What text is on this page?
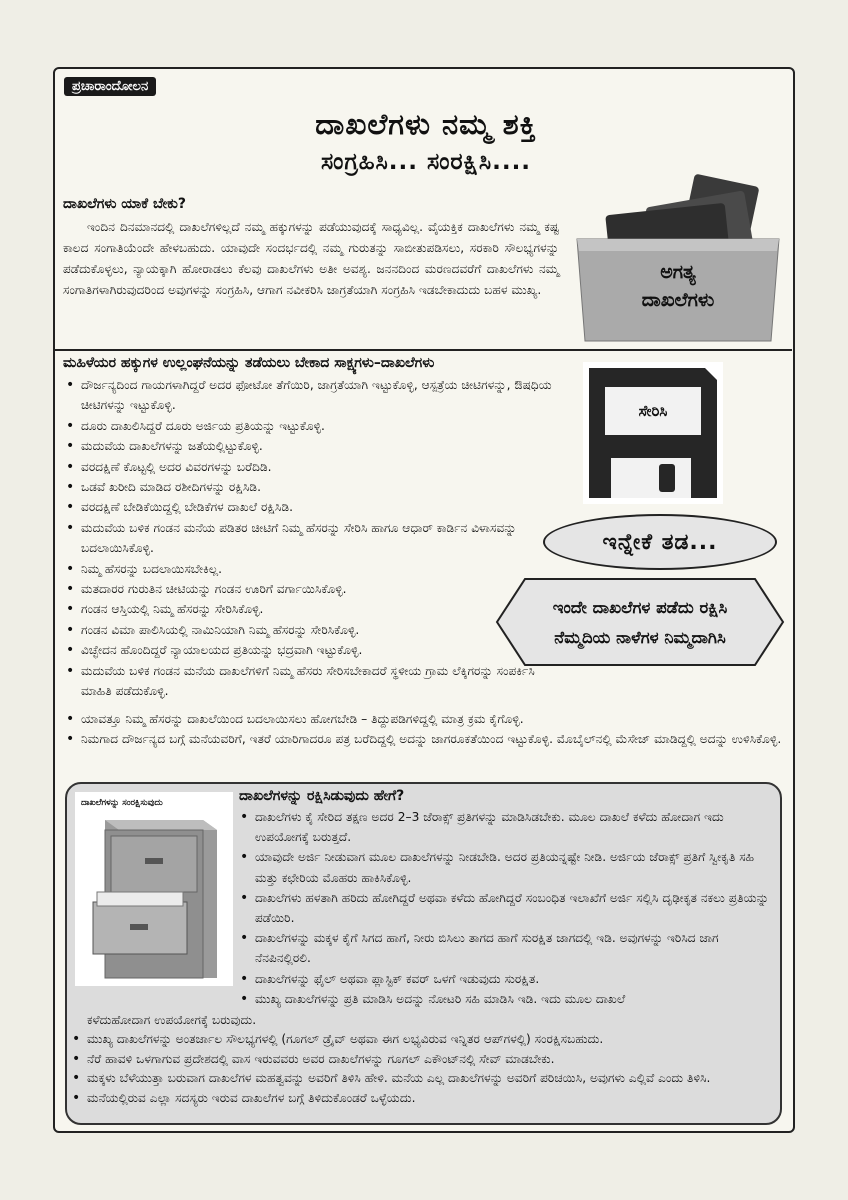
ಪ್ರಚಾರಾಂದೋಲನ
ದಾಖಲೆಗಳು ನಮ್ಮ ಶಕ್ತಿ
ಸಂಗ್ರಹಿಸಿ... ಸಂರಕ್ಷಿಸಿ....
ದಾಖಲೆಗಳು ಯಾಕೆ ಬೇಕು?
ಇಂದಿನ ದಿನಮಾನದಲ್ಲಿ ದಾಖಲೆಗಳಿಲ್ಲದೆ ನಮ್ಮ ಹಕ್ಕುಗಳನ್ನು ಪಡೆಯುವುದಕ್ಕೆ ಸಾಧ್ಯವಿಲ್ಲ. ವೈಯಕ್ತಿಕ ದಾಖಲೆಗಳು ನಮ್ಮ ಕಷ್ಟ ಕಾಲದ ಸಂಗಾತಿಯೆಂದೇ ಹೇಳಬಹುದು. ಯಾವುದೇ ಸಂದರ್ಭದಲ್ಲಿ ನಮ್ಮ ಗುರುತನ್ನು ಸಾಬೀತುಪಡಿಸಲು, ಸರಕಾರಿ ಸೌಲಭ್ಯಗಳನ್ನು ಪಡೆದುಕೊಳ್ಳಲು, ನ್ಯಾಯಕ್ಕಾಗಿ ಹೋರಾಡಲು ಕೆಲವು ದಾಖಲೆಗಳು ಅತೀ ಅವಶ್ಯ. ಜನನದಿಂದ ಮರಣದವರೆಗೆ ದಾಖಲೆಗಳು ನಮ್ಮ ಸಂಗಾತಿಗಳಾಗಿರುವುದರಿಂದ ಅವುಗಳನ್ನು ಸಂಗ್ರಹಿಸಿ, ಆಗಾಗ ನವೀಕರಿಸಿ ಜಾಗ್ರತೆಯಾಗಿ ಸಂಗ್ರಹಿಸಿ ಇಡಬೇಕಾದುದು ಬಹಳ ಮುಖ್ಯ.
ಅಗತ್ಯ
ದಾಖಲೆಗಳು
ಮಹಿಳೆಯರ ಹಕ್ಕುಗಳ ಉಲ್ಲಂಘನೆಯನ್ನು ತಡೆಯಲು ಬೇಕಾದ ಸಾಕ್ಷ್ಯಗಳು–ದಾಖಲೆಗಳು
ಸೇರಿಸಿ
ಇನ್ನೇಕೆ ತಡ...
ಇಂದೇ ದಾಖಲೆಗಳ ಪಡೆದು ರಕ್ಷಿಸಿ
ನೆಮ್ಮದಿಯ ನಾಳೆಗಳ ನಿಮ್ಮದಾಗಿಸಿ
• ದೌರ್ಜನ್ಯದಿಂದ ಗಾಯಗಳಾಗಿದ್ದರೆ ಅದರ ಫೋಟೋ ತೆಗೆಯಿರಿ, ಜಾಗ್ರತೆಯಾಗಿ ಇಟ್ಟುಕೊಳ್ಳಿ, ಆಸ್ಪತ್ರೆಯ ಚೀಟಿಗಳನ್ನು, ಔಷಧಿಯ ಚೀಟಿಗಳನ್ನು ಇಟ್ಟುಕೊಳ್ಳಿ.
• ದೂರು ದಾಖಲಿಸಿದ್ದರೆ ದೂರು ಅರ್ಜಿಯ ಪ್ರತಿಯನ್ನು ಇಟ್ಟುಕೊಳ್ಳಿ.
• ಮದುವೆಯ ದಾಖಲೆಗಳನ್ನು ಜತೆಯಲ್ಲಿಟ್ಟುಕೊಳ್ಳಿ.
• ವರದಕ್ಷಿಣೆ ಕೊಟ್ಟಲ್ಲಿ ಅದರ ವಿವರಗಳನ್ನು ಬರೆದಿಡಿ.
• ಒಡವೆ ಖರೀದಿ ಮಾಡಿದ ರಶೀದಿಗಳನ್ನು ರಕ್ಷಿಸಿಡಿ.
• ವರದಕ್ಷಿಣೆ ಬೇಡಿಕೆಯಿದ್ದಲ್ಲಿ ಬೇಡಿಕೆಗಳ ದಾಖಲೆ ರಕ್ಷಿಸಿಡಿ.
• ಮದುವೆಯ ಬಳಿಕ ಗಂಡನ ಮನೆಯ ಪಡಿತರ ಚೀಟಿಗೆ ನಿಮ್ಮ ಹೆಸರನ್ನು ಸೇರಿಸಿ ಹಾಗೂ ಆಧಾರ್ ಕಾರ್ಡಿನ ವಿಳಾಸವನ್ನು ಬದಲಾಯಿಸಿಕೊಳ್ಳಿ.
• ನಿಮ್ಮ ಹೆಸರನ್ನು ಬದಲಾಯಿಸಬೇಕಿಲ್ಲ.
• ಮತದಾರರ ಗುರುತಿನ ಚೀಟಿಯನ್ನು ಗಂಡನ ಊರಿಗೆ ವರ್ಗಾಯಿಸಿಕೊಳ್ಳಿ.
• ಗಂಡನ ಆಸ್ತಿಯಲ್ಲಿ ನಿಮ್ಮ ಹೆಸರನ್ನು ಸೇರಿಸಿಕೊಳ್ಳಿ.
• ಗಂಡನ ವಿಮಾ ಪಾಲಿಸಿಯಲ್ಲಿ ನಾಮಿನಿಯಾಗಿ ನಿಮ್ಮ ಹೆಸರನ್ನು ಸೇರಿಸಿಕೊಳ್ಳಿ.
• ವಿಚ್ಛೇದನ ಹೊಂದಿದ್ದರೆ ನ್ಯಾಯಾಲಯದ ಪ್ರತಿಯನ್ನು ಭದ್ರವಾಗಿ ಇಟ್ಟುಕೊಳ್ಳಿ.
• ಮದುವೆಯ ಬಳಿಕ ಗಂಡನ ಮನೆಯ ದಾಖಲೆಗಳಿಗೆ ನಿಮ್ಮ ಹೆಸರು ಸೇರಿಸಬೇಕಾದರೆ ಸ್ಥಳೀಯ ಗ್ರಾಮ ಲೆಕ್ಕಿಗರನ್ನು ಸಂಪರ್ಕಿಸಿ ಮಾಹಿತಿ ಪಡೆದುಕೊಳ್ಳಿ.
• ಯಾವತ್ತೂ ನಿಮ್ಮ ಹೆಸರನ್ನು ದಾಖಲೆಯಿಂದ ಬದಲಾಯಿಸಲು ಹೋಗಬೇಡಿ – ತಿದ್ದುಪಡಿಗಳಿದ್ದಲ್ಲಿ ಮಾತ್ರ ಕ್ರಮ ಕೈಗೊಳ್ಳಿ.
• ನಿಮಗಾದ ದೌರ್ಜನ್ಯದ ಬಗ್ಗೆ ಮನೆಯವರಿಗೆ, ಇತರೆ ಯಾರಿಗಾದರೂ ಪತ್ರ ಬರೆದಿದ್ದಲ್ಲಿ ಅದನ್ನು ಜಾಗರೂಕತೆಯಿಂದ ಇಟ್ಟುಕೊಳ್ಳಿ. ಮೊಬೈಲ್‌ನಲ್ಲಿ ಮೆಸೇಜ್ ಮಾಡಿದ್ದಲ್ಲಿ ಅದನ್ನು ಉಳಿಸಿಕೊಳ್ಳಿ.
ದಾಖಲೆಗಳನ್ನು ಸಂರಕ್ಷಿಸುವುದು	ದಾಖಲೆಗಳನ್ನು ರಕ್ಷಿಸಿಡುವುದು ಹೇಗೆ?
• ದಾಖಲೆಗಳು ಕೈ ಸೇರಿದ ತಕ್ಷಣ ಅದರ 2–3 ಜೆರಾಕ್ಸ್ ಪ್ರತಿಗಳನ್ನು ಮಾಡಿಸಿಡಬೇಕು. ಮೂಲ ದಾಖಲೆ ಕಳೆದು ಹೋದಾಗ ಇದು ಉಪಯೋಗಕ್ಕೆ ಬರುತ್ತದೆ.
• ಯಾವುದೇ ಅರ್ಜಿ ನೀಡುವಾಗ ಮೂಲ ದಾಖಲೆಗಳನ್ನು ನೀಡಬೇಡಿ. ಅದರ ಪ್ರತಿಯನ್ನಷ್ಟೇ ನೀಡಿ. ಅರ್ಜಿಯ ಜೆರಾಕ್ಸ್ ಪ್ರತಿಗೆ ಸ್ವೀಕೃತಿ ಸಹಿ ಮತ್ತು ಕಛೇರಿಯ ಮೊಹರು ಹಾಕಿಸಿಕೊಳ್ಳಿ.
• ದಾಖಲೆಗಳು ಹಳತಾಗಿ ಹರಿದು ಹೋಗಿದ್ದರೆ ಅಥವಾ ಕಳೆದು ಹೋಗಿದ್ದರೆ ಸಂಬಂಧಿತ ಇಲಾಖೆಗೆ ಅರ್ಜಿ ಸಲ್ಲಿಸಿ ದೃಢೀಕೃತ ನಕಲು ಪ್ರತಿಯನ್ನು ಪಡೆಯಿರಿ.
• ದಾಖಲೆಗಳನ್ನು ಮಕ್ಕಳ ಕೈಗೆ ಸಿಗದ ಹಾಗೆ, ನೀರು ಬಿಸಿಲು ತಾಗದ ಹಾಗೆ ಸುರಕ್ಷಿತ ಜಾಗದಲ್ಲಿ ಇಡಿ. ಅವುಗಳನ್ನು ಇರಿಸಿದ ಜಾಗ ನೆನಪಿನಲ್ಲಿರಲಿ.
• ದಾಖಲೆಗಳನ್ನು ಫೈಲ್ ಅಥವಾ ಪ್ಲಾಸ್ಟಿಕ್ ಕವರ್ ಒಳಗೆ ಇಡುವುದು ಸುರಕ್ಷಿತ.
• ಮುಖ್ಯ ದಾಖಲೆಗಳನ್ನು ಪ್ರತಿ ಮಾಡಿಸಿ ಅದನ್ನು ನೋಟರಿ ಸಹಿ ಮಾಡಿಸಿ ಇಡಿ. ಇದು ಮೂಲ ದಾಖಲೆ
ಕಳೆದುಹೋದಾಗ ಉಪಯೋಗಕ್ಕೆ ಬರುವುದು.
• ಮುಖ್ಯ ದಾಖಲೆಗಳನ್ನು ಅಂತರ್ಜಾಲ ಸೌಲಭ್ಯಗಳಲ್ಲಿ (ಗೂಗಲ್ ಡ್ರೈವ್ ಅಥವಾ ಈಗ ಲಭ್ಯವಿರುವ ಇನ್ನಿತರ ಆಪ್‌ಗಳಲ್ಲಿ) ಸಂರಕ್ಷಿಸಬಹುದು.
• ನೆರೆ ಹಾವಳಿ ಒಳಗಾಗುವ ಪ್ರದೇಶದಲ್ಲಿ ವಾಸ ಇರುವವರು ಅವರ ದಾಖಲೆಗಳನ್ನು ಗೂಗಲ್ ಎಕೌಂಟ್‌ನಲ್ಲಿ ಸೇವ್ ಮಾಡಬೇಕು.
• ಮಕ್ಕಳು ಬೆಳೆಯುತ್ತಾ ಬರುವಾಗ ದಾಖಲೆಗಳ ಮಹತ್ವವನ್ನು ಅವರಿಗೆ ತಿಳಿಸಿ ಹೇಳಿ. ಮನೆಯ ಎಲ್ಲ ದಾಖಲೆಗಳನ್ನು ಅವರಿಗೆ ಪರಿಚಯಿಸಿ, ಅವುಗಳು ಎಲ್ಲಿವೆ ಎಂದು ತಿಳಿಸಿ.
• ಮನೆಯಲ್ಲಿರುವ ಎಲ್ಲಾ ಸದಸ್ಯರು ಇರುವ ದಾಖಲೆಗಳ ಬಗ್ಗೆ ತಿಳಿದುಕೊಂಡರೆ ಒಳ್ಳೆಯದು.
